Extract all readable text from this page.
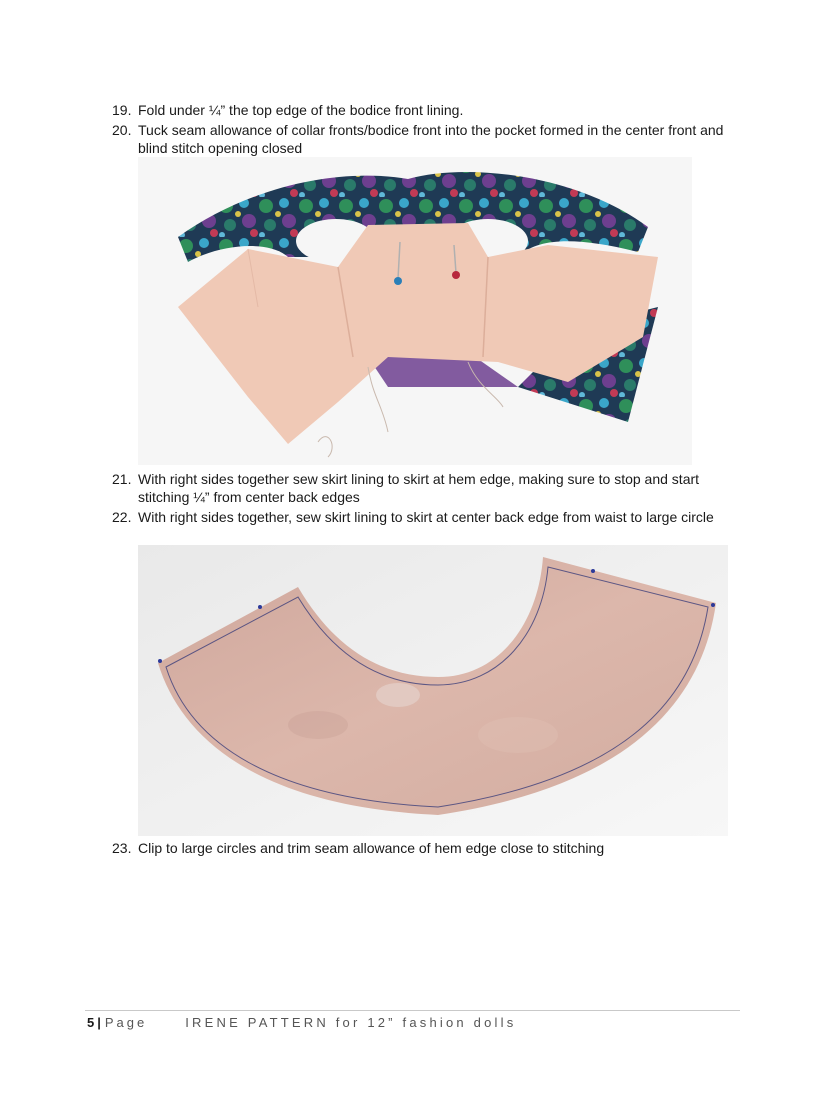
19. Fold under ¼” the top edge of the bodice front lining.
20. Tuck seam allowance of collar fronts/bodice front into the pocket formed in the center front and blind stitch opening closed
21. With right sides together sew skirt lining to skirt at hem edge, making sure to stop and start stitching ¼” from center back edges
22. With right sides together, sew skirt lining to skirt at center back edge from waist to large circle
23. Clip to large circles and trim seam allowance of hem edge close to stitching
5 | Page	IRENE PATTERN for 12” fashion dolls
